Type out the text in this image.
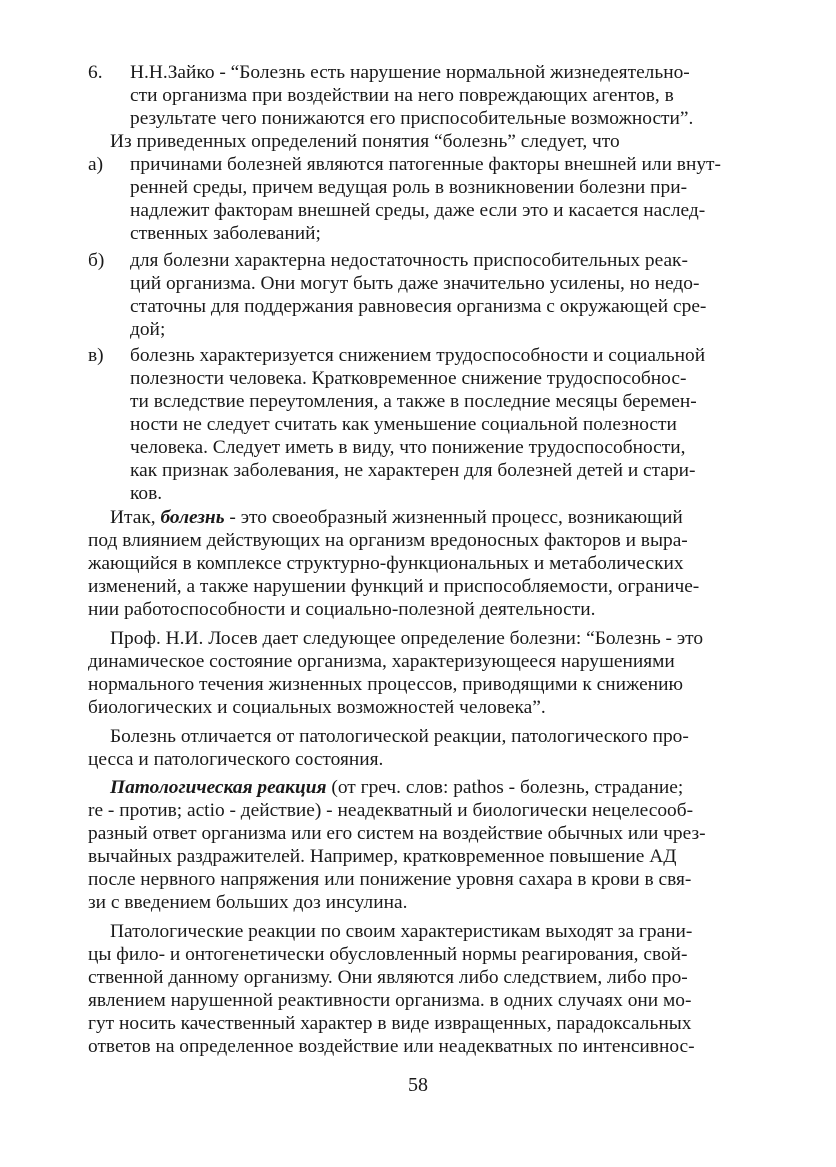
6. Н.Н.Зайко - “Болезнь есть нарушение нормальной жизнедеятельно-
сти организма при воздействии на него повреждающих агентов, в
результате чего понижаются его приспособительные возможности”.
Из приведенных определений понятия “болезнь” следует, что
а) причинами болезней являются патогенные факторы внешней или внут-
ренней среды, причем ведущая роль в возникновении болезни при-
надлежит факторам внешней среды, даже если это и касается наслед-
ственных заболеваний;
б) для болезни характерна недостаточность приспособительных реак-
ций организма. Они могут быть даже значительно усилены, но недо-
статочны для поддержания равновесия организма с окружающей сре-
дой;
в) болезнь характеризуется снижением трудоспособности и социальной
полезности человека. Кратковременное снижение трудоспособнос-
ти вследствие переутомления, а также в последние месяцы беремен-
ности не следует считать как уменьшение социальной полезности
человека. Следует иметь в виду, что понижение трудоспособности,
как признак заболевания, не характерен для болезней детей и стари-
ков.
Итак, болезнь - это своеобразный жизненный процесс, возникающий
под влиянием действующих на организм вредоносных факторов и выра-
жающийся в комплексе структурно-функциональных и метаболических
изменений, а также нарушении функций и приспособляемости, ограниче-
нии работоспособности и социально-полезной деятельности.
Проф. Н.И. Лосев дает следующее определение болезни: “Болезнь - это
динамическое состояние организма, характеризующееся нарушениями
нормального течения жизненных процессов, приводящими к снижению
биологических и социальных возможностей человека”.
Болезнь отличается от патологической реакции, патологического про-
цесса и патологического состояния.
Патологическая реакция (от греч. слов: pathos - болезнь, страдание;
re - против; actio - действие) - неадекватный и биологически нецелесооб-
разный ответ организма или его систем на воздействие обычных или чрез-
вычайных раздражителей. Например, кратковременное повышение АД
после нервного напряжения или понижение уровня сахара в крови в свя-
зи с введением больших доз инсулина.
Патологические реакции по своим характеристикам выходят за грани-
цы фило- и онтогенетически обусловленный нормы реагирования, свой-
ственной данному организму. Они являются либо следствием, либо про-
явлением нарушенной реактивности организма. в одних случаях они мо-
гут носить качественный характер в виде извращенных, парадоксальных
ответов на определенное воздействие или неадекватных по интенсивнос-
58
